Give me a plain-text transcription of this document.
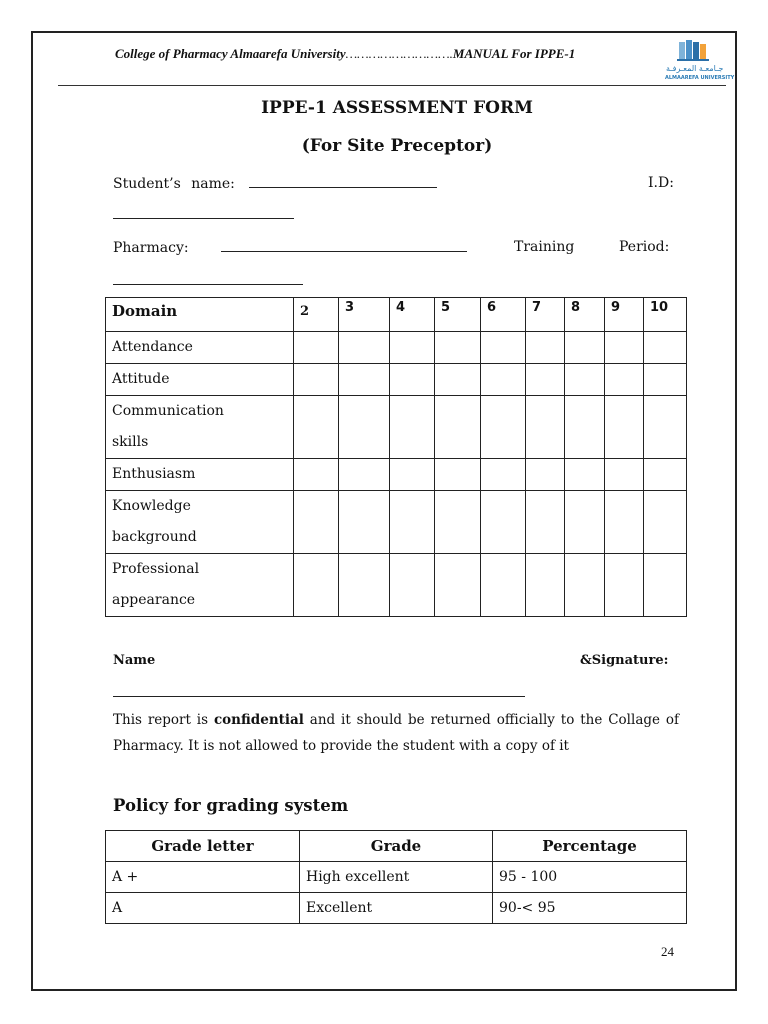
College of Pharmacy Almaarefa University……………………….MANUAL For IPPE-1
جـامعـة المعـرفـة
ALMAAREFA UNIVERSITY
IPPE-1 ASSESSMENT FORM
(For Site Preceptor)
Student’s name:	I.D:
Pharmacy:	Training	Period:
Domain	2	3	4	5	6	7	8	9	10

Attendance									

Attitude									

Communication
skills									

Enthusiasm									

Knowledge
background									

Professional
appearance									

Name	&Signature:
This report is confidential and it should be returned officially to the Collage of Pharmacy. It is not allowed to provide the student with a copy of it
Policy for grading system
Grade letter	Grade	Percentage
A +	High excellent	95 - 100
A	Excellent	90-< 95
24
